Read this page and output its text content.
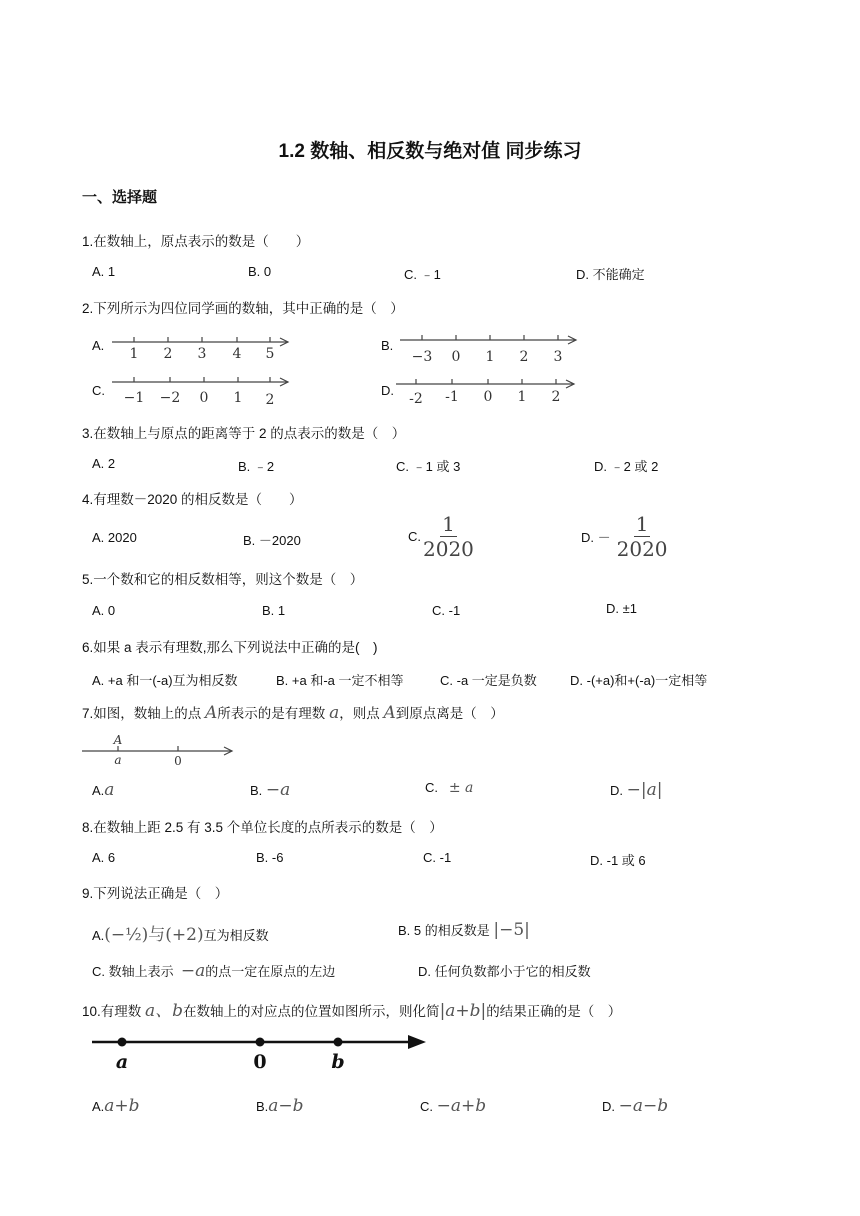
1.2 数轴、相反数与绝对值 同步练习
一、选择题
1.在数轴上，原点表示的数是（　　）
A. 1	B. 0	C. ﹣1	D. 不能确定
2.下列所示为四位同学画的数轴，其中正确的是（　）
A.	B.
C.	D.
1 2 3 4 5	−3 0 1 2 3
−1 −2 0 1 2	-2 -1 0 1 2
3.在数轴上与原点的距离等于 2 的点表示的数是（　）
A. 2	B. ﹣2	C. ﹣1 或 3	D. ﹣2 或 2
4.有理数－2020 的相反数是（　　）
A. 2020	B. －2020	C. $\frac{1}{2020}$	D. － $\frac{1}{2020}$
5.一个数和它的相反数相等，则这个数是（　）
A. 0	B. 1	C. -1	D. ±1
6.如果 a 表示有理数,那么下列说法中正确的是(　)
A. +a 和一(-a)互为相反数	B. +a 和-a 一定不相等	C. -a 一定是负数	D. -(+a)和+(-a)一定相等
7.如图，数轴上的点 A所表示的是有理数 a，则点 A到原点离是（　）
A
a	0
A.a	B. −a	C. ± a	D. −|a|
8.在数轴上距 2.5 有 3.5 个单位长度的点所表示的数是（　）
A. 6	B. -6	C. -1	D. -1 或 6
9.下列说法正确是（　）
A.(−½)与(+2)互为相反数	B. 5 的相反数是 |−5|
C. 数轴上表示 −a的点一定在原点的左边	D. 任何负数都小于它的相反数
10.有理数 a、b在数轴上的对应点的位置如图所示，则化简|a+b|的结果正确的是（　）
a	0	b
A.a+b	B.a−b	C. −a+b	D. −a−b
